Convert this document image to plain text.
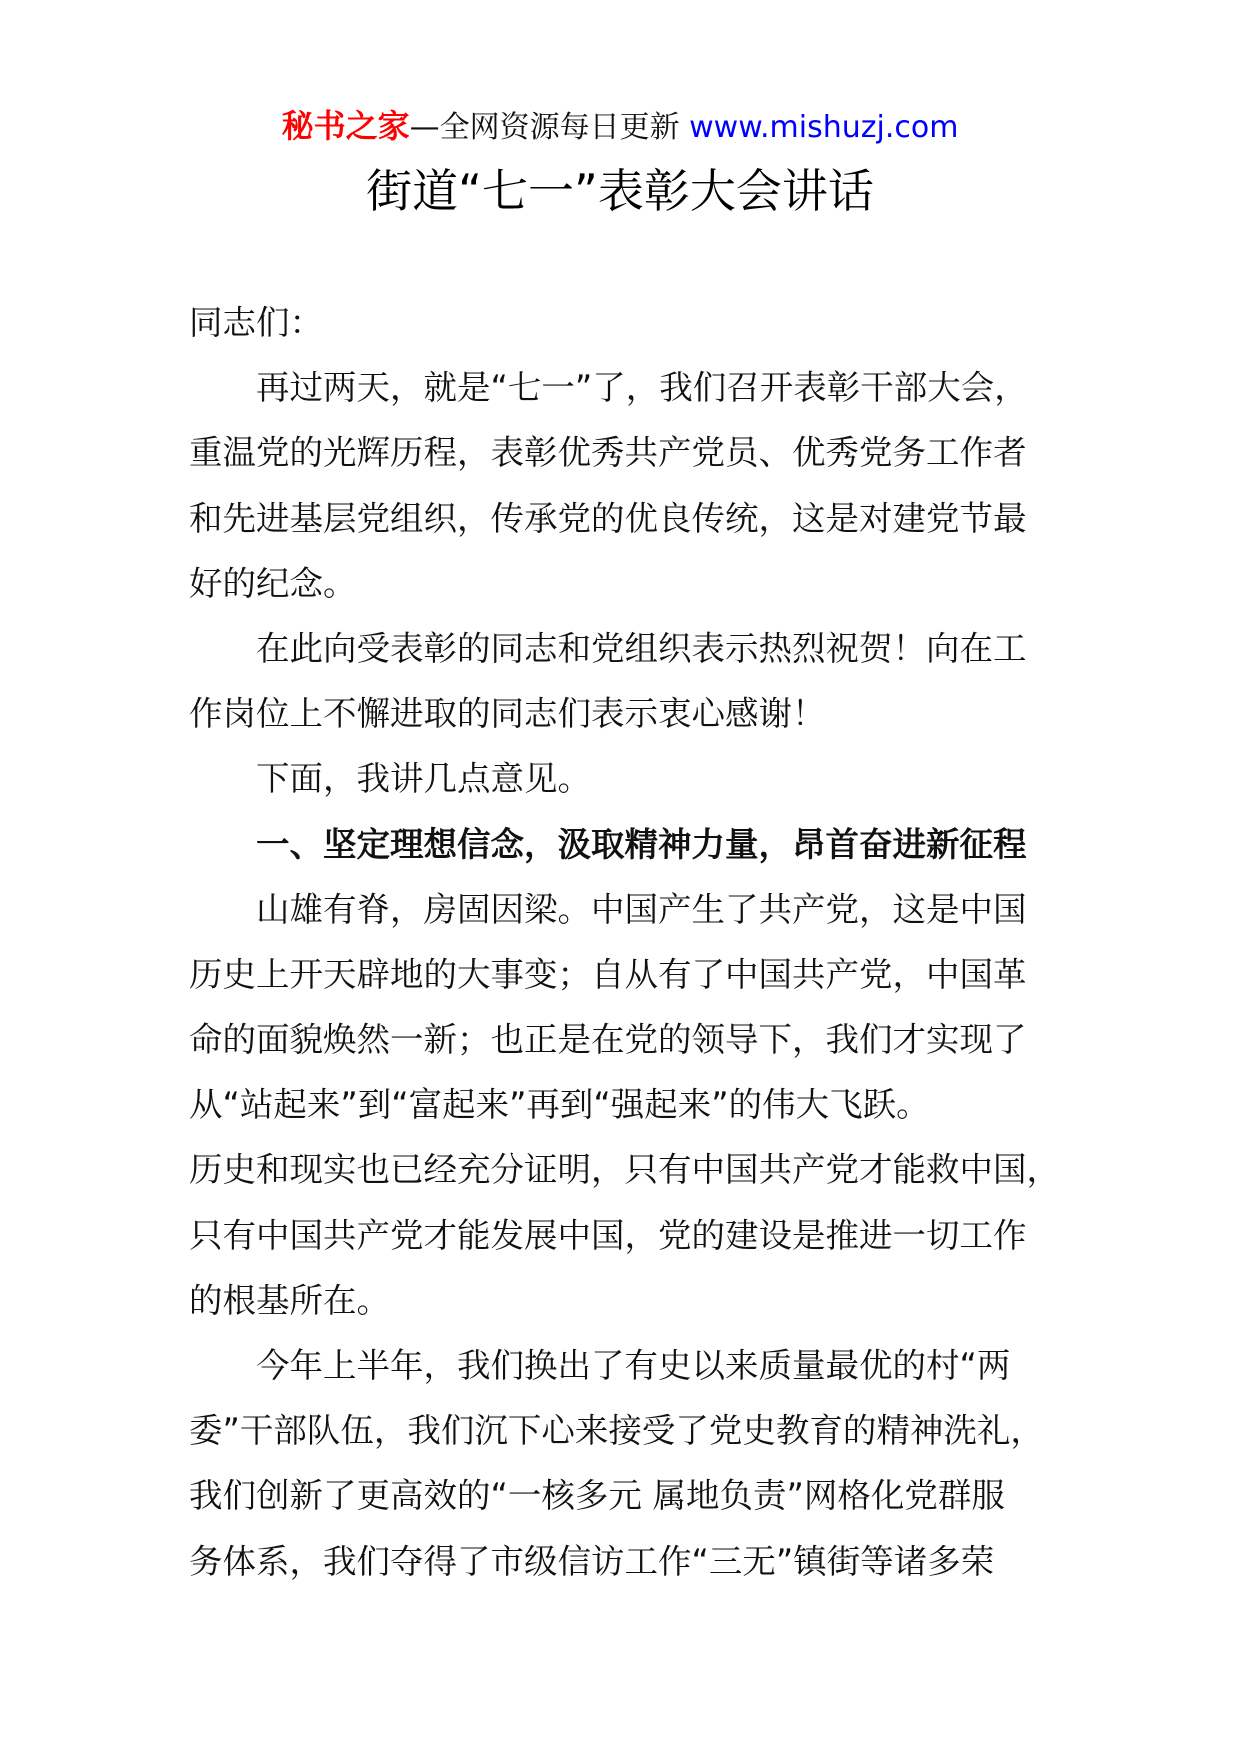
秘书之家—全网资源每日更新 www.mishuzj.com
街道“七一”表彰大会讲话
同志们：
再过两天，就是“七一”了，我们召开表彰干部大会，
重温党的光辉历程，表彰优秀共产党员、优秀党务工作者
和先进基层党组织，传承党的优良传统，这是对建党节最
好的纪念。
在此向受表彰的同志和党组织表示热烈祝贺！向在工
作岗位上不懈进取的同志们表示衷心感谢！
下面，我讲几点意见。
一、坚定理想信念，汲取精神力量，昂首奋进新征程
山雄有脊，房固因梁。中国产生了共产党，这是中国
历史上开天辟地的大事变；自从有了中国共产党，中国革
命的面貌焕然一新；也正是在党的领导下，我们才实现了
从“站起来”到“富起来”再到“强起来”的伟大飞跃。
历史和现实也已经充分证明，只有中国共产党才能救中国，
只有中国共产党才能发展中国，党的建设是推进一切工作
的根基所在。
今年上半年，我们换出了有史以来质量最优的村“两
委”干部队伍，我们沉下心来接受了党史教育的精神洗礼，
我们创新了更高效的“一核多元 属地负责”网格化党群服
务体系，我们夺得了市级信访工作“三无”镇街等诸多荣
